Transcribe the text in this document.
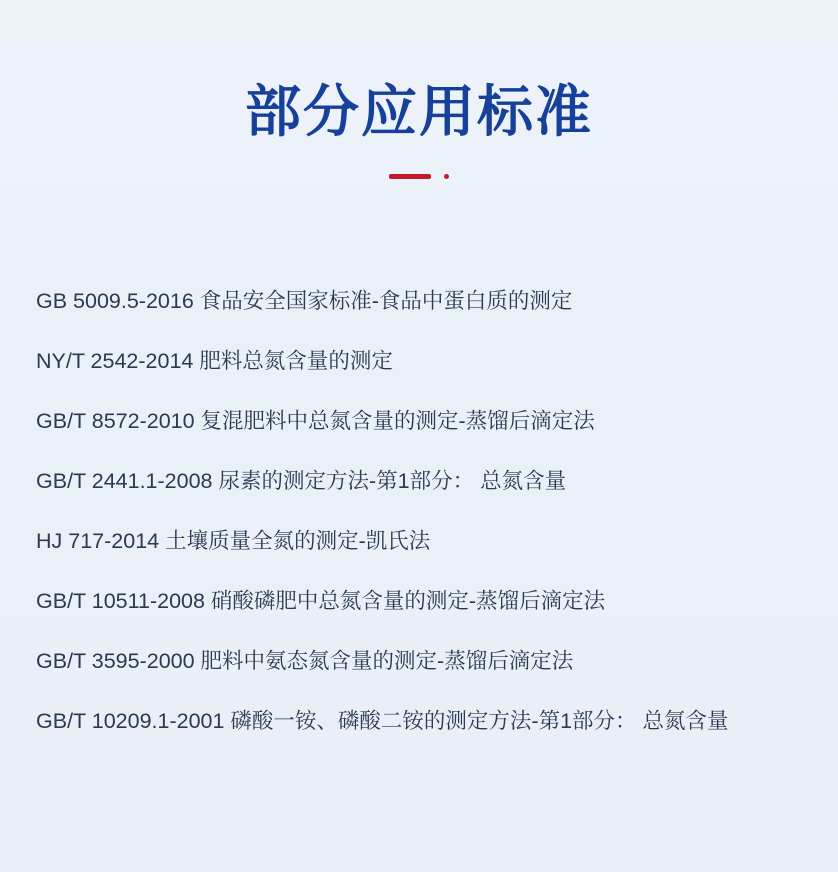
部分应用标准
GB 5009.5-2016 食品安全国家标准-食品中蛋白质的测定
NY/T 2542-2014 肥料总氮含量的测定
GB/T 8572-2010 复混肥料中总氮含量的测定-蒸馏后滴定法
GB/T 2441.1-2008 尿素的测定方法-第1部分： 总氮含量
HJ 717-2014 土壤质量全氮的测定-凯氏法
GB/T 10511-2008 硝酸磷肥中总氮含量的测定-蒸馏后滴定法
GB/T 3595-2000 肥料中氨态氮含量的测定-蒸馏后滴定法
GB/T 10209.1-2001 磷酸一铵、磷酸二铵的测定方法-第1部分： 总氮含量
